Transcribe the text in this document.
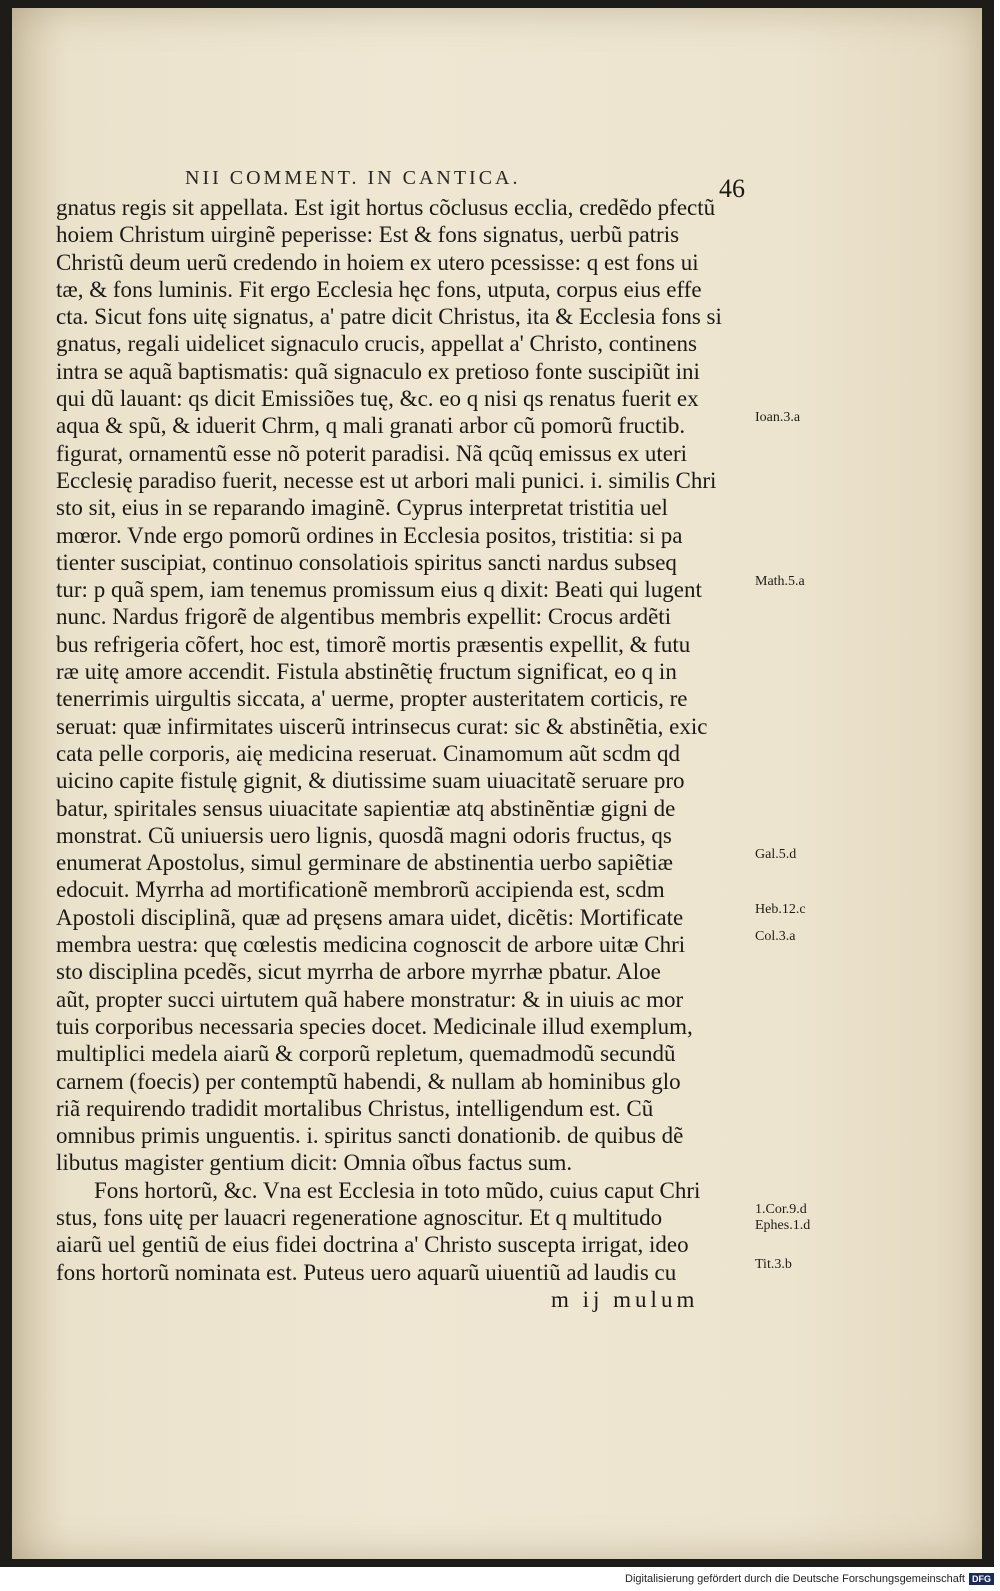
NII COMMENT. IN CANTICA.	46
gnatus regis sit appellata. Est igit hortus cõclusus ecclia, credẽdo pfectũ
hoiem Christum uirginẽ peperisse: Est & fons signatus, uerbũ patris
Christũ deum uerũ credendo in hoiem ex utero pcessisse: q est fons ui
tæ, & fons luminis. Fit ergo Ecclesia hęc fons, utputa, corpus eius effe
cta. Sicut fons uitę signatus, a' patre dicit Christus, ita & Ecclesia fons si
gnatus, regali uidelicet signaculo crucis, appellat a' Christo, continens
intra se aquã baptismatis: quã signaculo ex pretioso fonte suscipiũt ini
qui dũ lauant: qs dicit Emissiões tuę, &c. eo q nisi qs renatus fuerit ex
aqua & spũ, & iduerit Chrm, q mali granati arbor cũ pomorũ fructib.
figurat, ornamentũ esse nõ poterit paradisi. Nã qcũq emissus ex uteri
Ecclesię paradiso fuerit, necesse est ut arbori mali punici. i. similis Chri
sto sit, eius in se reparando imaginẽ. Cyprus interpretat tristitia uel
mœror. Vnde ergo pomorũ ordines in Ecclesia positos, tristitia: si pa
tienter suscipiat, continuo consolatiois spiritus sancti nardus subseq
tur: p quã spem, iam tenemus promissum eius q dixit: Beati qui lugent
nunc. Nardus frigorẽ de algentibus membris expellit: Crocus ardẽti
bus refrigeria cõfert, hoc est, timorẽ mortis præsentis expellit, & futu
ræ uitę amore accendit. Fistula abstinẽtię fructum significat, eo q in
tenerrimis uirgultis siccata, a' uerme, propter austeritatem corticis, re
seruat: quæ infirmitates uiscerũ intrinsecus curat: sic & abstinẽtia, exic
cata pelle corporis, aię medicina reseruat. Cinamomum aũt scdm qd
uicino capite fistulę gignit, & diutissime suam uiuacitatẽ seruare pro
batur, spiritales sensus uiuacitate sapientiæ atq abstinẽntiæ gigni de
monstrat. Cũ uniuersis uero lignis, quosdã magni odoris fructus, qs
enumerat Apostolus, simul germinare de abstinentia uerbo sapiẽtiæ
edocuit. Myrrha ad mortificationẽ membrorũ accipienda est, scdm
Apostoli disciplinã, quæ ad pręsens amara uidet, dicẽtis: Mortificate
membra uestra: quę cœlestis medicina cognoscit de arbore uitæ Chri
sto disciplina pcedẽs, sicut myrrha de arbore myrrhæ pbatur. Aloe
aũt, propter succi uirtutem quã habere monstratur: & in uiuis ac mor
tuis corporibus necessaria species docet. Medicinale illud exemplum,
multiplici medela aiarũ & corporũ repletum, quemadmodũ secundũ
carnem (foecis) per contemptũ habendi, & nullam ab hominibus glo
riã requirendo tradidit mortalibus Christus, intelligendum est. Cũ
omnibus primis unguentis. i. spiritus sancti donationib. de quibus dẽ
libutus magister gentium dicit: Omnia oĩbus factus sum.
Fons hortorũ, &c. Vna est Ecclesia in toto mũdo, cuius caput Chri
stus, fons uitę per lauacri regeneratione agnoscitur. Et q multitudo
aiarũ uel gentiũ de eius fidei doctrina a' Christo suscepta irrigat, ideo
fons hortorũ nominata est. Puteus uero aquarũ uiuentiũ ad laudis cu
m ij mulum
Ioan.3.a
Math.5.a
Gal.5.d
Heb.12.c
Col.3.a
1.Cor.9.d
Ephes.1.d
Tit.3.b
Digitalisierung gefördert durch die Deutsche Forschungsgemeinschaft DFG
